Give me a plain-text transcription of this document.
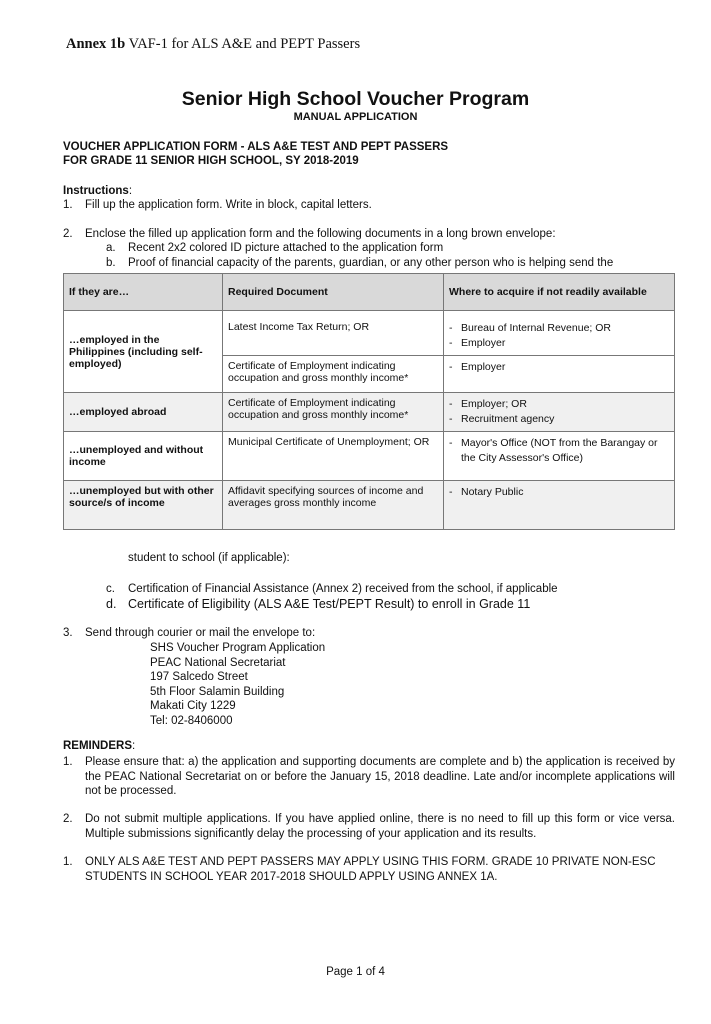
Annex 1b VAF-1 for ALS A&E and PEPT Passers
Senior High School Voucher Program
MANUAL APPLICATION
VOUCHER APPLICATION FORM - ALS A&E TEST AND PEPT PASSERS
FOR GRADE 11 SENIOR HIGH SCHOOL, SY 2018-2019
Instructions:
1. Fill up the application form. Write in block, capital letters.
2. Enclose the filled up application form and the following documents in a long brown envelope:
a. Recent 2x2 colored ID picture attached to the application form
b. Proof of financial capacity of the parents, guardian, or any other person who is helping send the
If they are…	Required Document	Where to acquire if not readily available
…employed in the Philippines (including self-employed)	Latest Income Tax Return; OR	- Bureau of Internal Revenue; OR
- Employer

	Certificate of Employment indicating occupation and gross monthly income*	- Employer

…employed abroad	Certificate of Employment indicating occupation and gross monthly income*	- Employer; OR
- Recruitment agency

…unemployed and without income	Municipal Certificate of Unemployment; OR	- Mayor's Office (NOT from the Barangay or the City Assessor's Office)

…unemployed but with other source/s of income	Affidavit specifying sources of income and averages gross monthly income	- Notary Public
student to school (if applicable):
c. Certification of Financial Assistance (Annex 2) received from the school, if applicable
d. Certificate of Eligibility (ALS A&E Test/PEPT Result) to enroll in Grade 11
3. Send through courier or mail the envelope to:
SHS Voucher Program Application
PEAC National Secretariat
197 Salcedo Street
5th Floor Salamin Building
Makati City 1229
Tel: 02-8406000
REMINDERS:
1. Please ensure that: a) the application and supporting documents are complete and b) the application is received by the PEAC National Secretariat on or before the January 15, 2018 deadline. Late and/or incomplete applications will not be processed.
2. Do not submit multiple applications. If you have applied online, there is no need to fill up this form or vice versa. Multiple submissions significantly delay the processing of your application and its results.
1. ONLY ALS A&E TEST AND PEPT PASSERS MAY APPLY USING THIS FORM. GRADE 10 PRIVATE NON-ESC STUDENTS IN SCHOOL YEAR 2017-2018 SHOULD APPLY USING ANNEX 1A.
Page 1 of 4
